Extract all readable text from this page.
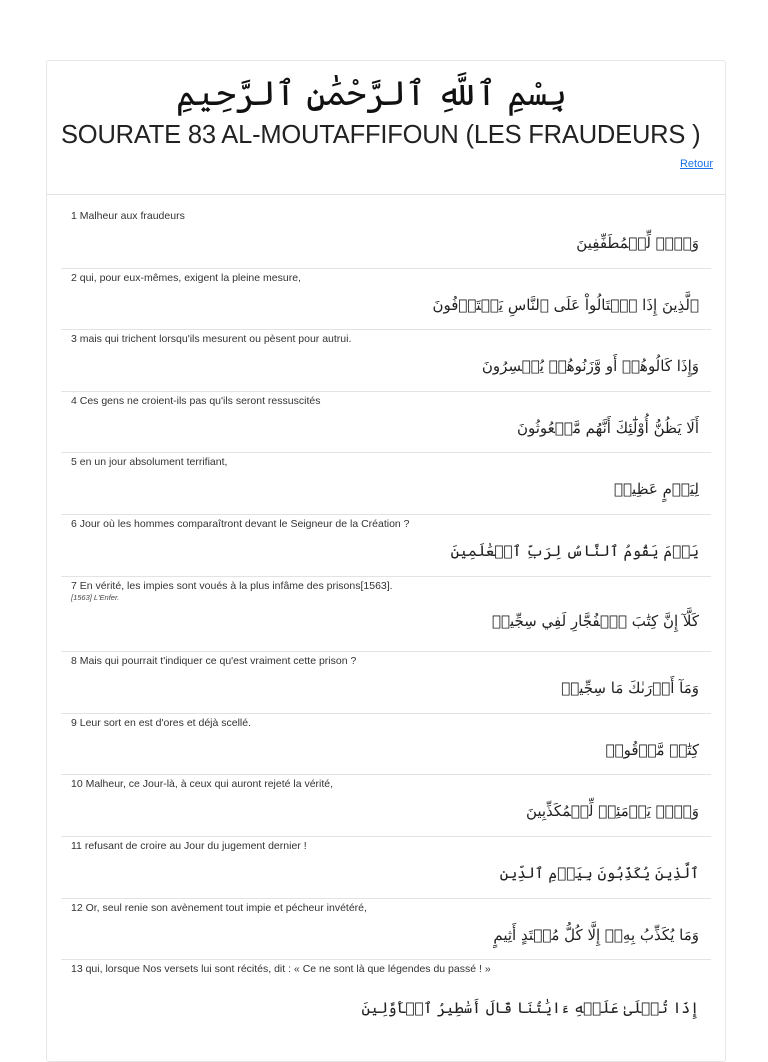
بِسْمِ ٱللَّهِ ٱلرَّحْمَٰنِ ٱلرَّحِيمِ
SOURATE 83 AL-MOUTAFFIFOUN (LES FRAUDEURS )
Retour
1 Malheur aux fraudeurs
وَيۡلٞ لِّلۡمُطَفِّفِينَ
2 qui, pour eux-mêmes, exigent la pleine mesure,
ٱلَّذِينَ إِذَا ٱكۡتَالُواْ عَلَى ٱلنَّاسِ يَسۡتَوۡفُونَ
3 mais qui trichent lorsqu'ils mesurent ou pèsent pour autrui.
وَإِذَا كَالُوهُمۡ أَو وَّزَنُوهُمۡ يُخۡسِرُونَ
4 Ces gens ne croient-ils pas qu'ils seront ressuscités
أَلَا يَظُنُّ أُوْلَٰٓئِكَ أَنَّهُم مَّبۡعُوثُونَ
5 en un jour absolument terrifiant,
لِيَوۡمٍ عَظِيمٖ
6 Jour où les hommes comparaîtront devant le Seigneur de la Création ?
يَوۡمَ يَقُومُ ٱلنَّاسُ لِرَبِّ ٱلۡعَٰلَمِينَ
7 En vérité, les impies sont voués à la plus infâme des prisons[1563].
[1563] L'Enfer.
كَلَّآ إِنَّ كِتَٰبَ ٱلۡفُجَّارِ لَفِي سِجِّينٖ
8 Mais qui pourrait t'indiquer ce qu'est vraiment cette prison ?
وَمَآ أَدۡرَىٰكَ مَا سِجِّينٞ
9 Leur sort en est d'ores et déjà scellé.
كِتَٰبٞ مَّرۡقُومٞ
10 Malheur, ce Jour-là, à ceux qui auront rejeté la vérité,
وَيۡلٞ يَوۡمَئِذٖ لِّلۡمُكَذِّبِينَ
11 refusant de croire au Jour du jugement dernier !
ٱلَّذِينَ يُكَذِّبُونَ بِيَوۡمِ ٱلدِّينِ
12 Or, seul renie son avènement tout impie et pécheur invétéré,
وَمَا يُكَذِّبُ بِهِۦٓ إِلَّا كُلُّ مُعۡتَدٍ أَثِيمٍ
13 qui, lorsque Nos versets lui sont récités, dit : « Ce ne sont là que légendes du passé ! »
إِذَا تُتۡلَىٰ عَلَيۡهِ ءَايَٰتُنَا قَالَ أَسَٰطِيرُ ٱلۡأَوَّلِينَ
